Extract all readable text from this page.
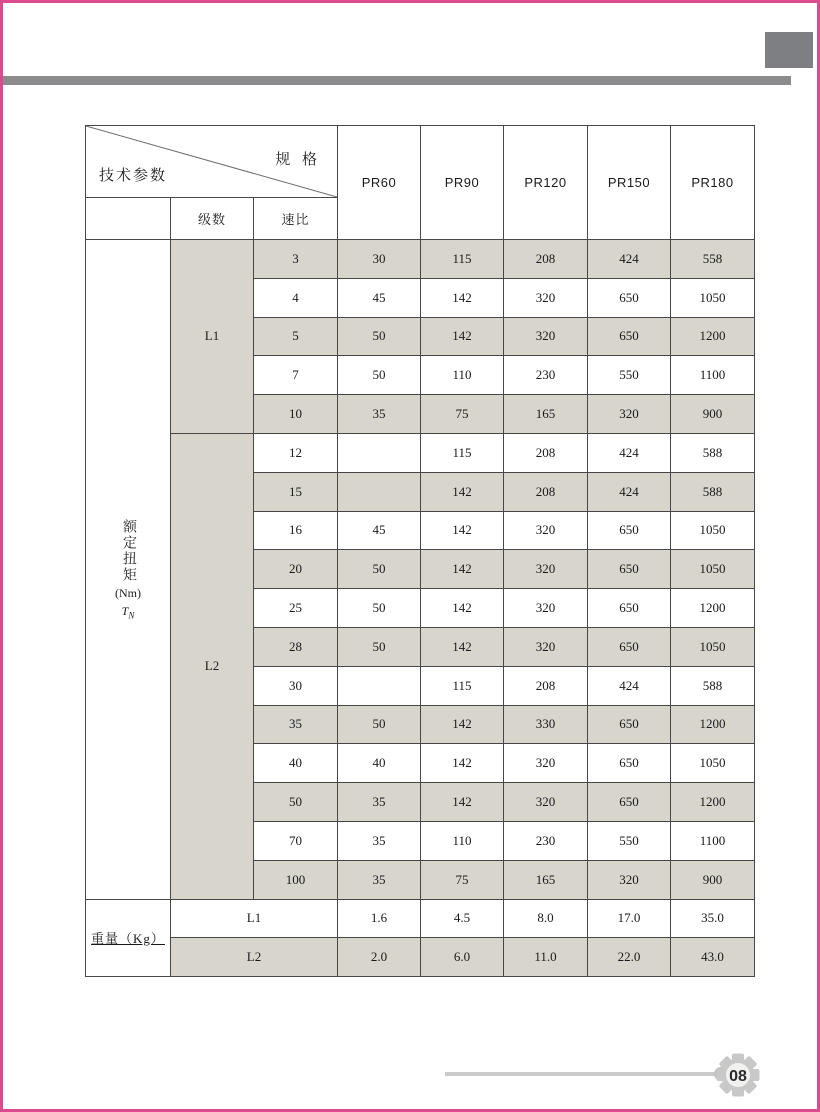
规 格
技术参数			PR60	PR90	PR120	PR150	PR180
	级数	速比					

额定扭矩
(Nm)
$T_N$	L1	3	30	115	208	424	558
		4	45	142	320	650	1050
		5	50	142	320	650	1200
		7	50	110	230	550	1100
		10	35	75	165	320	900
	L2	12		115	208	424	588
		15		142	208	424	588
		16	45	142	320	650	1050
		20	50	142	320	650	1050
		25	50	142	320	650	1200
		28	50	142	320	650	1050
		30		115	208	424	588
		35	50	142	330	650	1200
		40	40	142	320	650	1050
		50	35	142	320	650	1200
		70	35	110	230	550	1100
		100	35	75	165	320	900
重量（Kg）	L1		1.6	4.5	8.0	17.0	35.0
	L2		2.0	6.0	11.0	22.0	43.0
08
